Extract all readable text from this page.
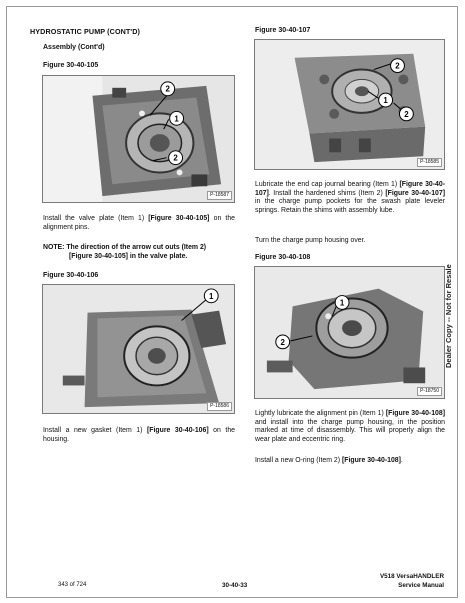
HYDROSTATIC PUMP (CONT'D)
Assembly (Cont'd)
Figure 30-40-105
2
1
2
P-18587
Install the valve plate (Item 1) [Figure 30-40-105] on the alignment pins.
NOTE: The direction of the arrow cut outs (Item 2)
[Figure 30-40-105] in the valve plate.
Figure 30-40-106
1
P-18586
Install a new gasket (Item 1) [Figure 30-40-106] on the housing.
Figure 30-40-107
2
1
2
P-18585
Lubricate the end cap journal bearing (Item 1) [Figure 30-40-107]. Install the hardened shims (Item 2) [Figure 30-40-107] in the charge pump pockets for the swash plate leveler springs. Retain the shims with assembly lube.
Turn the charge pump housing over.
Figure 30-40-108
1
2
P-18750
Lightly lubricate the alignment pin (Item 1) [Figure 30-40-108] and install into the charge pump housing, in the position marked at time of disassembly. This will properly align the wear plate and eccentric ring.
Install a new O-ring (Item 2) [Figure 30-40-108].
Dealer Copy -- Not for Resale
343 of 724	30-40-33
V518 VersaHANDLER
Service Manual
